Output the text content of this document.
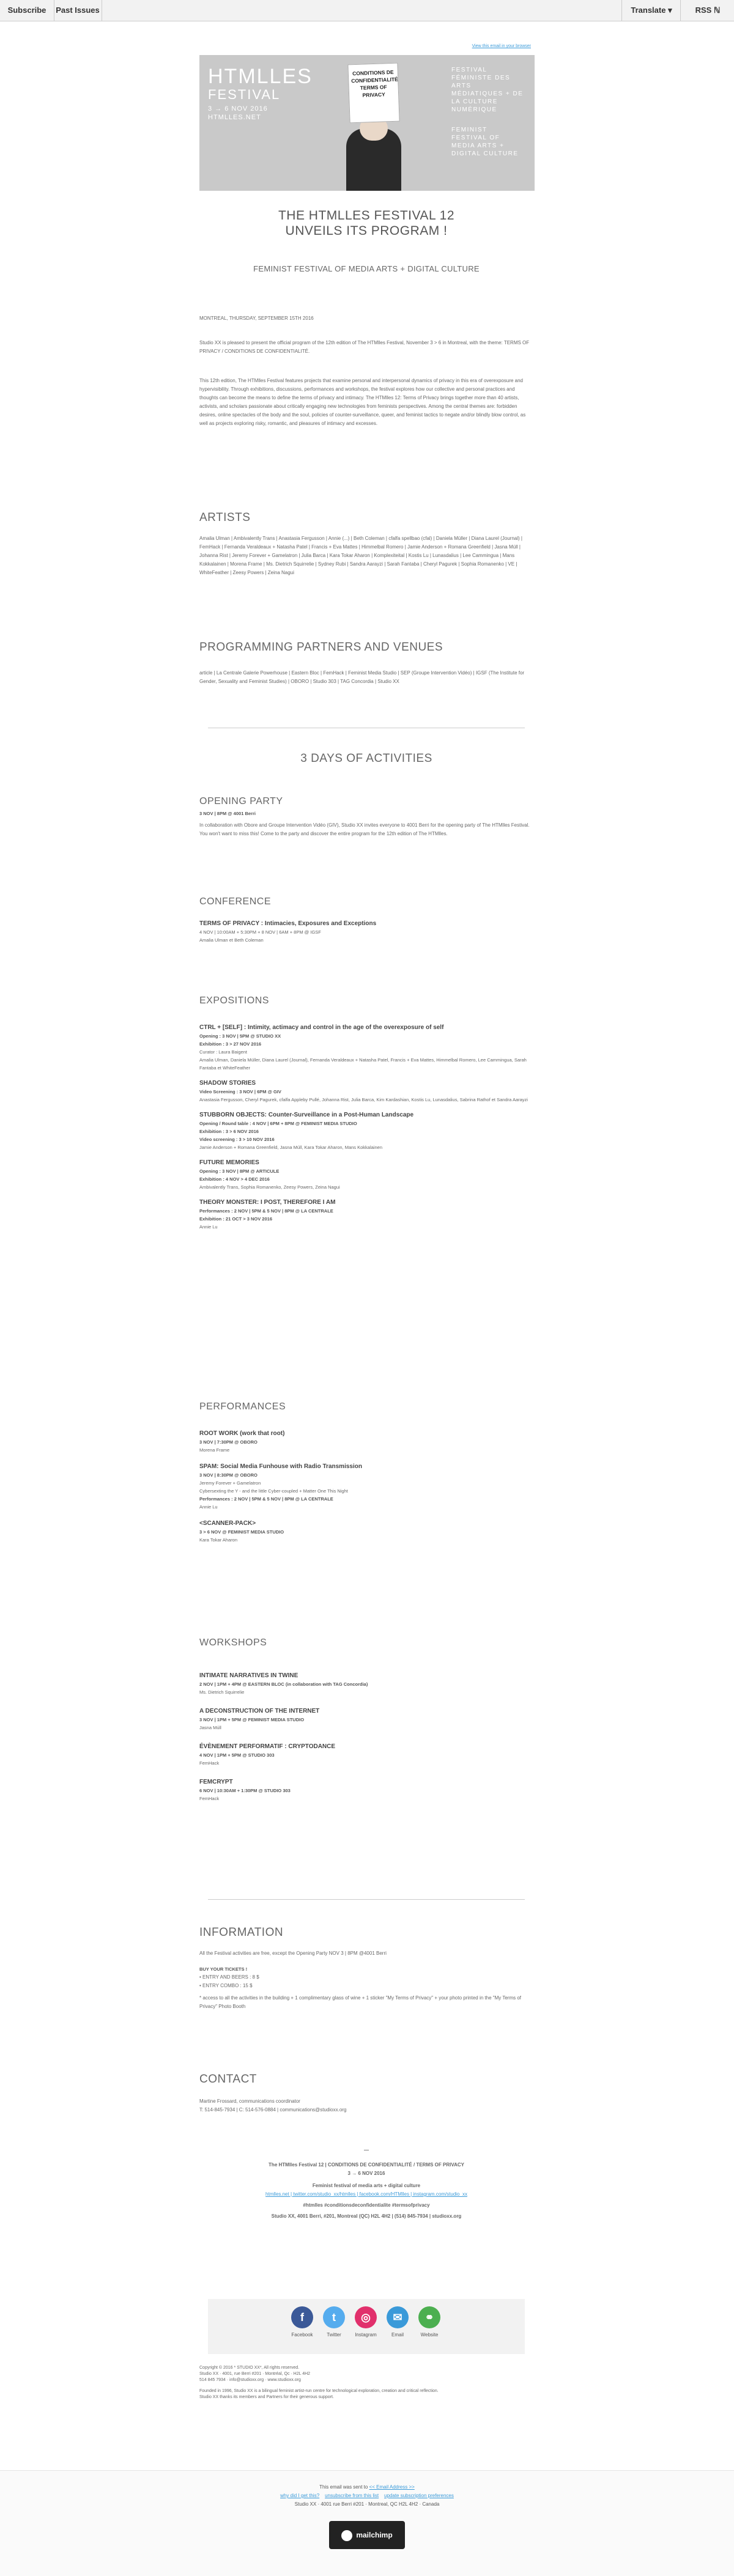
Subscribe	Past Issues	Translate ▾	RSS ℕ
View this email in your browser
HTMLLES
FESTIVAL
3 → 6 NOV 2016
HTMLLES.NET
CONDITIONS DE CONFIDENTIALITÉ TERMS OF PRIVACY
FESTIVAL FÉMINISTE DES ARTS MÉDIATIQUES + DE LA CULTURE NUMÉRIQUE
FEMINIST FESTIVAL OF MEDIA ARTS + DIGITAL CULTURE

THE HTMLLES FESTIVAL 12

UNVEILS ITS PROGRAM !

FEMINIST FESTIVAL OF MEDIA ARTS + DIGITAL CULTURE

MONTREAL, THURSDAY, SEPTEMBER 15TH 2016

Studio XX is pleased to present the official program of the 12th edition of The HTMlles Festival, November 3 > 6 in Montreal, with the theme: TERMS OF PRIVACY / CONDITIONS DE CONFIDENTIALITÉ.

This 12th edition, The HTMlles Festival features projects that examine personal and interpersonal dynamics of privacy in this era of overexposure and hypervisibility. Through exhibitions, discussions, performances and workshops, the festival explores how our collective and personal practices and thoughts can become the means to define the terms of privacy and intimacy. The HTMlles 12: Terms of Privacy brings together more than 40 artists, activists, and scholars passionate about critically engaging new technologies from feminists perspectives. Among the central themes are: forbidden desires, online spectacles of the body and the soul, policies of counter-surveillance, queer, and feminist tactics to negate and/or blindly blow control, as well as projects exploring risky, romantic, and pleasures of intimacy and excesses.

ARTISTS

Amalia Ulman | Ambivalently Trans | Anastasia Fergusson | Annie (...) | Beth Coleman | cfalfa spellbao (cfal) | Daniela Müller | Diana Laurel (Journal) | FemHack | Fernanda Veraldeaux + Natasha Patel | Francis + Eva Mattes | Himmelbal Romero | Jamie Anderson + Romana Greenfield | Jasna Múll | Johanna Rist | Jeremy Forever + Gamelatron | Julia Barca | Kara Tokar Aharon | Komplexiteital | Kostis Lu | Lunasdalius | Lee Cammingua | Mans Kokkalainen | Morena Frame | Ms. Dietrich Squirrelie | Sydney Rubi | Sandra Aarayzi | Sarah Fantaba | Cheryl Pagurek | Sophia Romanenko | VE | WhiteFeather | Zeesy Powers | Zeina Nagui

PROGRAMMING PARTNERS AND VENUES

article | La Centrale Galerie Powerhouse | Eastern Bloc | FemHack | Feminist Media Studio | SEP (Groupe Intervention Vidéo) | IGSF (The Institute for Gender, Sexuality and Feminist Studies) | OBORO | Studio 303 | TAG Concordia | Studio XX

3 DAYS OF ACTIVITIES

OPENING PARTY

3 NOV | 8PM @ 4001 Berri

In collaboration with Obore and Groupe Intervention Vidéo (GIV), Studio XX invites everyone to 4001 Berri for the opening party of The HTMlles Festival. You won't want to miss this! Come to the party and discover the entire program for the 12th edition of The HTMlles.

CONFERENCE

TERMS OF PRIVACY : Intimacies, Exposures and Exceptions

4 NOV | 10:00AM + 5:30PM + 8 NOV | 6AM + 8PM @ IGSF

Amalia Ulman et Beth Coleman

EXPOSITIONS

CTRL + [SELF] : Intimity, actimacy and control in the age of the overexposure of self

Opening : 3 NOV | 5PM @ STUDIO XX

Exhibition : 3 > 27 NOV 2016

Curator : Laura Baigent

Amalia Ulman, Daniela Müller, Diana Laurel (Journal), Fernanda Veraldeaux + Natasha Patel, Francis + Eva Mattes, Himmelbal Romero, Lee Cammingua, Sarah Fantaba et WhiteFeather

SHADOW STORIES

Video Screening : 3 NOV | 6PM @ GIV

Anastasia Fergusson, Cheryl Pagurek, cfalfa Appleby Pullé, Johanna Rist, Julia Barca, Kim Kardashian, Kostis Lu, Lunasdalius, Sabrina Rathof et Sandra Aarayzi

STUBBORN OBJECTS: Counter-Surveillance in a Post-Human Landscape

Opening / Round table : 4 NOV | 6PM + 8PM @ FEMINIST MEDIA STUDIO

Exhibition : 3 > 6 NOV 2016

Video screening : 3 > 10 NOV 2016

Jamie Anderson + Romana Greenfield, Jasna Múll, Kara Tokar Aharon, Mans Kokkalainen

FUTURE MEMORIES

Opening : 3 NOV | 8PM @ ARTICULE

Exhibition : 4 NOV > 4 DEC 2016

Ambivalently Trans, Sophia Romanenko, Zeesy Powers, Zeina Nagui

THEORY MONSTER: I POST, THEREFORE I AM

Performances : 2 NOV | 5PM & 5 NOV | 8PM @ LA CENTRALE

Exhibition : 21 OCT > 3 NOV 2016

Annie Lu

PERFORMANCES

ROOT WORK (work that root)

3 NOV | 7:30PM @ OBORO

Morena Frame

SPAM: Social Media Funhouse with Radio Transmission

3 NOV | 8:30PM @ OBORO

Jeremy Forever + Gamelatron

Cybersexting the Y - and the little Cyber-coupled + Matter One This Night

Performances : 2 NOV | 5PM & 5 NOV | 8PM @ LA CENTRALE

Annie Lu

<SCANNER-PACK>

3 > 6 NOV @ FEMINIST MEDIA STUDIO

Kara Tokar Aharon

WORKSHOPS

INTIMATE NARRATIVES IN TWINE

2 NOV | 1PM + 4PM @ EASTERN BLOC (in collaboration with TAG Concordia)

Ms. Dietrich Squirrelie

A DECONSTRUCTION OF THE INTERNET

3 NOV | 1PM + 5PM @ FEMINIST MEDIA STUDIO

Jasna Múll

ÉVÈNEMENT PERFORMATIF : CRYPTODANCE

4 NOV | 1PM + 5PM @ STUDIO 303

FemHack

FEMCRYPT

6 NOV | 10:30AM + 1:30PM @ STUDIO 303

FemHack

INFORMATION

All the Festival activities are free, except the Opening Party NOV 3 | 8PM @4001 Berri

BUY YOUR TICKETS !

• ENTRY AND BEERS : 8 $

• ENTRY COMBO : 15 $

* access to all the activities in the building + 1 complimentary glass of wine + 1 sticker "My Terms of Privacy" + your photo printed in the "My Terms of Privacy" Photo Booth

CONTACT

Martine Frossard, communications coordinator

T: 514-845-7934 | C: 514-576-0884 | communications@studioxx.org

—

The HTMlles Festival 12 | CONDITIONS DE CONFIDENTIALITÉ / TERMS OF PRIVACY

3 → 6 NOV 2016

Feminist festival of media arts + digital culture

htmlles.net | twitter.com/studio_xx/htmlles | facebook.com/HTMlles | instagram.com/studio_xx

#htmlles #conditionsdeconfidentialite #termsofprivacy

Studio XX, 4001 Berri, #201, Montreal (QC) H2L 4H2 | (514) 845-7934 | studioxx.org

f
Facebook
t
Twitter
◎
Instagram
✉
Email
⚭
Website

Copyright © 2016 * STUDIO XX*, All rights reserved.

Studio XX · 4001, rue Berri #201 · Montréal, Qc · H2L 4H2

514 845 7934 · info@studioxx.org · www.studioxx.org

Founded in 1996, Studio XX is a bilingual feminist artist-run centre for technological exploration, creation and critical reflection.

Studio XX thanks its members and Partners for their generous support.

This email was sent to << Email Address >>
why did I get this? unsubscribe from this list update subscription preferences
Studio XX · 4001 rue Berri #201 · Montreal, QC H2L 4H2 · Canada
mailchimp
